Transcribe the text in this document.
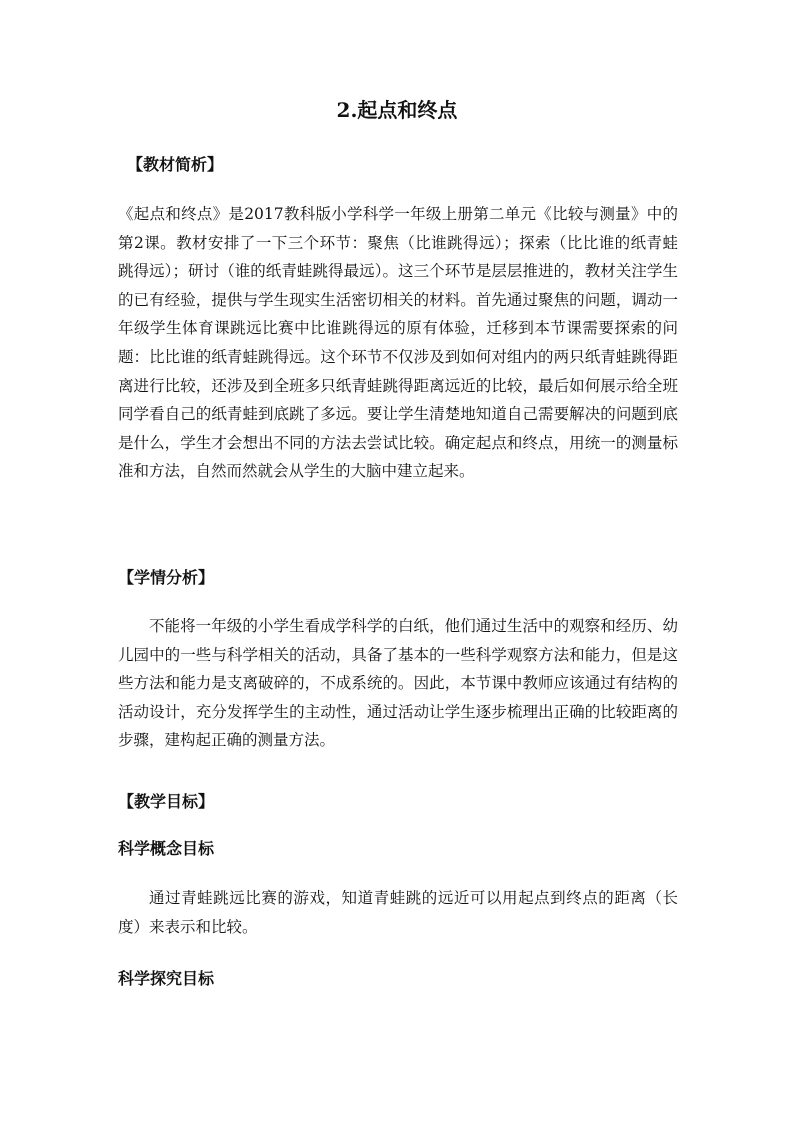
2.起点和终点
【教材简析】
《起点和终点》是2017教科版小学科学一年级上册第二单元《比较与测量》中的第2课。教材安排了一下三个环节：聚焦（比谁跳得远）；探索（比比谁的纸青蛙跳得远）；研讨（谁的纸青蛙跳得最远）。这三个环节是层层推进的，教材关注学生的已有经验，提供与学生现实生活密切相关的材料。首先通过聚焦的问题，调动一年级学生体育课跳远比赛中比谁跳得远的原有体验，迁移到本节课需要探索的问题：比比谁的纸青蛙跳得远。这个环节不仅涉及到如何对组内的两只纸青蛙跳得距离进行比较，还涉及到全班多只纸青蛙跳得距离远近的比较，最后如何展示给全班同学看自己的纸青蛙到底跳了多远。要让学生清楚地知道自己需要解决的问题到底是什么，学生才会想出不同的方法去尝试比较。确定起点和终点，用统一的测量标准和方法，自然而然就会从学生的大脑中建立起来。
【学情分析】
不能将一年级的小学生看成学科学的白纸，他们通过生活中的观察和经历、幼儿园中的一些与科学相关的活动，具备了基本的一些科学观察方法和能力，但是这些方法和能力是支离破碎的，不成系统的。因此，本节课中教师应该通过有结构的活动设计，充分发挥学生的主动性，通过活动让学生逐步梳理出正确的比较距离的步骤，建构起正确的测量方法。
【教学目标】
科学概念目标
通过青蛙跳远比赛的游戏，知道青蛙跳的远近可以用起点到终点的距离（长度）来表示和比较。
科学探究目标
